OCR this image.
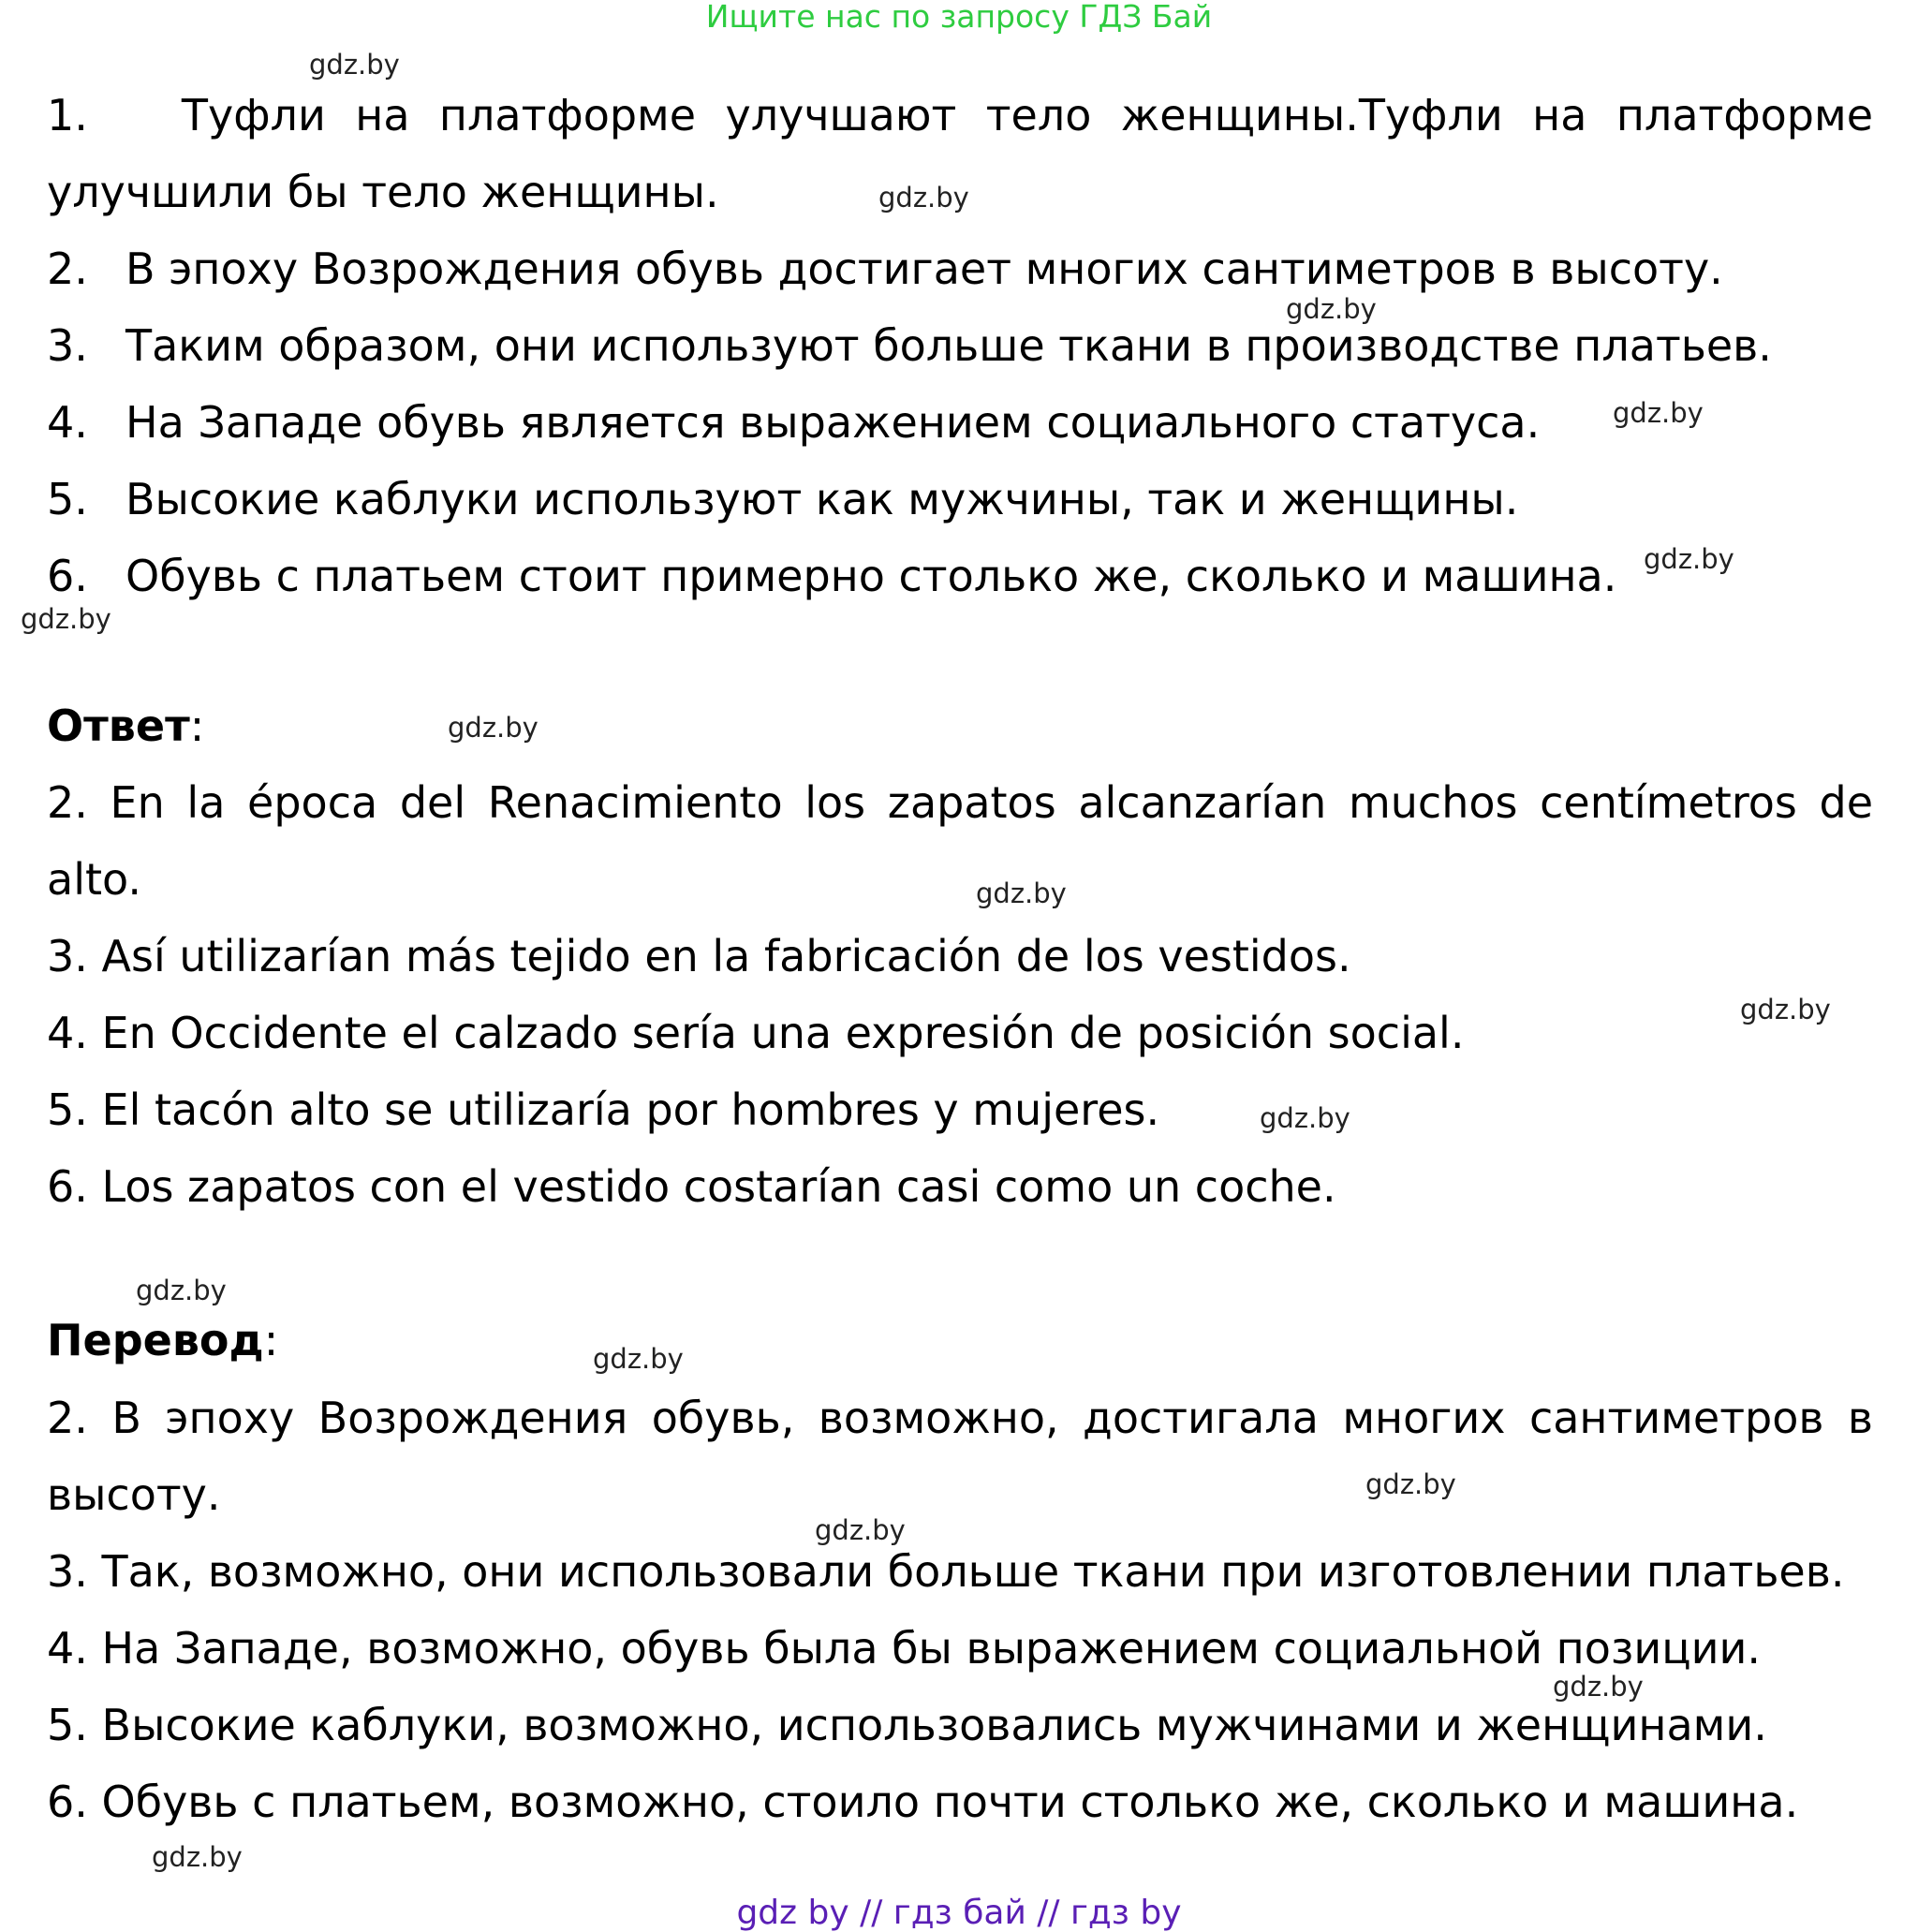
Ищите нас по запросу ГДЗ Бай
1. Туфли на платформе улучшают тело женщины.Туфли на платформе
улучшили бы тело женщины.
2. В эпоху Возрождения обувь достигает многих сантиметров в высоту.
3. Таким образом, они используют больше ткани в производстве платьев.
4. На Западе обувь является выражением социального статуса.
5. Высокие каблуки используют как мужчины, так и женщины.
6. Обувь с платьем стоит примерно столько же, сколько и машина.
Ответ:
2. En la época del Renacimiento los zapatos alcanzarían muchos centímetros de
alto.
3. Así utilizarían más tejido en la fabricación de los vestidos.
4. En Occidente el calzado sería una expresión de posición social.
5. El tacón alto se utilizaría por hombres y mujeres.
6. Los zapatos con el vestido costarían casi como un coche.
Перевод:
2. В эпоху Возрождения обувь, возможно, достигала многих сантиметров в
высоту.
3. Так, возможно, они использовали больше ткани при изготовлении платьев.
4. На Западе, возможно, обувь была бы выражением социальной позиции.
5. Высокие каблуки, возможно, использовались мужчинами и женщинами.
6. Обувь с платьем, возможно, стоило почти столько же, сколько и машина.
gdz.by
gdz.by
gdz.by
gdz.by
gdz.by
gdz.by
gdz.by
gdz.by
gdz.by
gdz.by
gdz.by
gdz.by
gdz.by
gdz.by
gdz.by
gdz.by
gdz by // гдз бай // гдз by
